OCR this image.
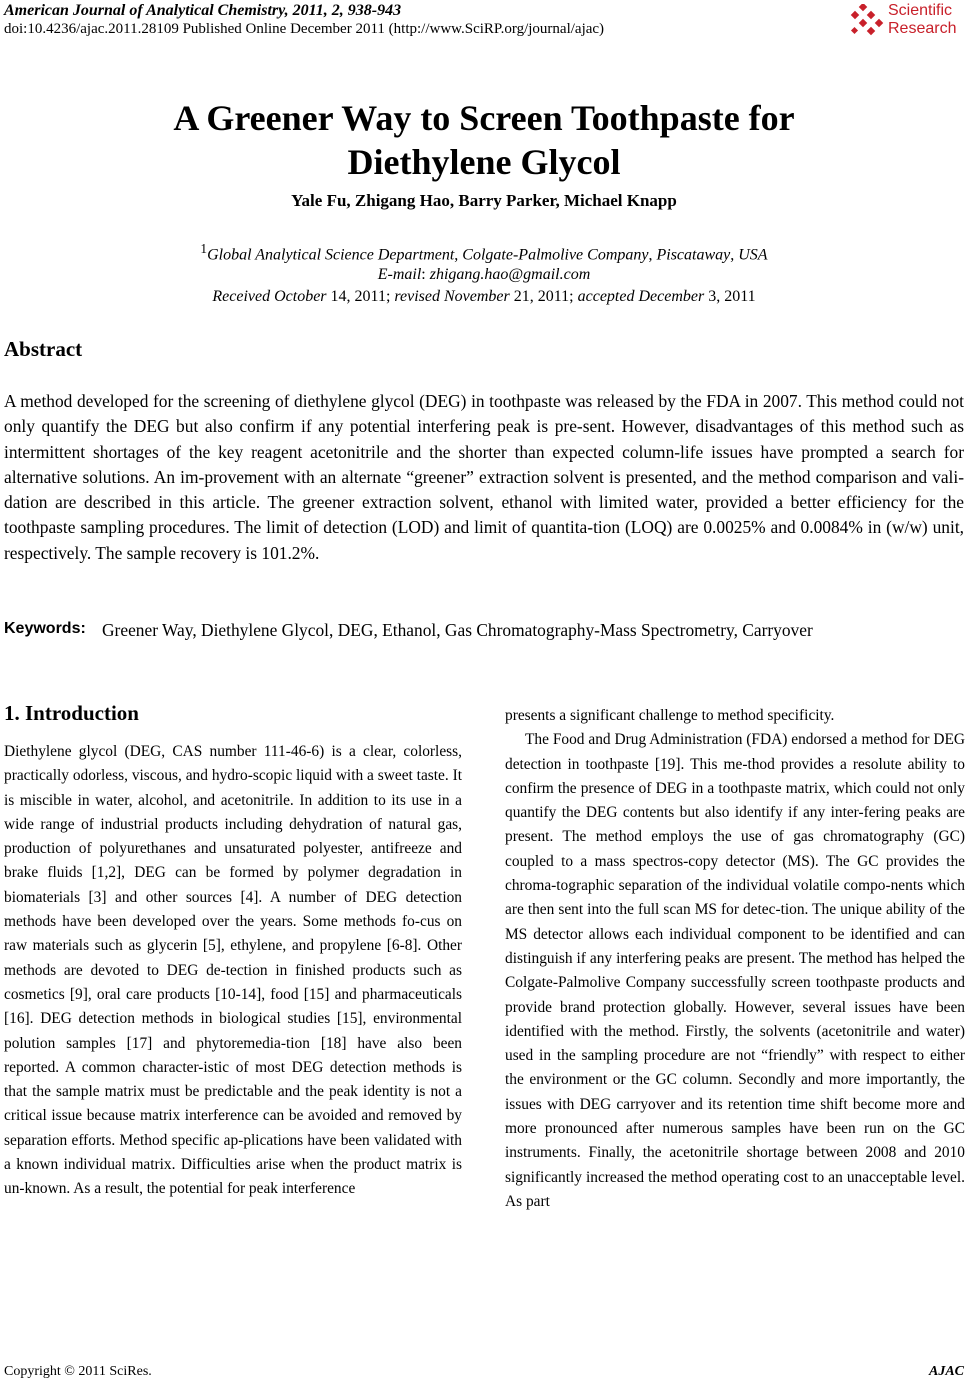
American Journal of Analytical Chemistry, 2011, 2, 938-943
doi:10.4236/ajac.2011.28109 Published Online December 2011 (http://www.SciRP.org/journal/ajac)
Scientific
Research
A Greener Way to Screen Toothpaste for
Diethylene Glycol
Yale Fu, Zhigang Hao, Barry Parker, Michael Knapp
$^1$Global Analytical Science Department, Colgate-Palmolive Company, Piscataway, USA
E-mail: zhigang.hao@gmail.com
Received October 14, 2011; revised November 21, 2011; accepted December 3, 2011
Abstract
A method developed for the screening of diethylene glycol (DEG) in toothpaste was released by the FDA in 2007. This method could not only quantify the DEG but also confirm if any potential interfering peak is pre-sent. However, disadvantages of this method such as intermittent shortages of the key reagent acetonitrile and the shorter than expected column-life issues have prompted a search for alternative solutions. An im-provement with an alternate “greener” extraction solvent is presented, and the method comparison and vali-dation are described in this article. The greener extraction solvent, ethanol with limited water, provided a better efficiency for the toothpaste sampling procedures. The limit of detection (LOD) and limit of quantita-tion (LOQ) are 0.0025% and 0.0084% in (w/w) unit, respectively. The sample recovery is 101.2%.
Keywords: Greener Way, Diethylene Glycol, DEG, Ethanol, Gas Chromatography-Mass Spectrometry, Carryover
1. Introduction

Diethylene glycol (DEG, CAS number 111-46-6) is a clear, colorless, practically odorless, viscous, and hydro-scopic liquid with a sweet taste. It is miscible in water, alcohol, and acetonitrile. In addition to its use in a wide range of industrial products including dehydration of natural gas, production of polyurethanes and unsaturated polyester, antifreeze and brake fluids [1,2], DEG can be formed by polymer degradation in biomaterials [3] and other sources [4]. A number of DEG detection methods have been developed over the years. Some methods fo-cus on raw materials such as glycerin [5], ethylene, and propylene [6-8]. Other methods are devoted to DEG de-tection in finished products such as cosmetics [9], oral care products [10-14], food [15] and pharmaceuticals [16]. DEG detection methods in biological studies [15], environmental polution samples [17] and phytoremedia-tion [18] have also been reported. A common character-istic of most DEG detection methods is that the sample matrix must be predictable and the peak identity is not a critical issue because matrix interference can be avoided and removed by separation efforts. Method specific ap-plications have been validated with a known individual matrix. Difficulties arise when the product matrix is un-known. As a result, the potential for peak interference

presents a significant challenge to method specificity.

The Food and Drug Administration (FDA) endorsed a method for DEG detection in toothpaste [19]. This me-thod provides a resolute ability to confirm the presence of DEG in a toothpaste matrix, which could not only quantify the DEG contents but also identify if any inter-fering peaks are present. The method employs the use of gas chromatography (GC) coupled to a mass spectros-copy detector (MS). The GC provides the chroma-tographic separation of the individual volatile compo-nents which are then sent into the full scan MS for detec-tion. The unique ability of the MS detector allows each individual component to be identified and can distinguish if any interfering peaks are present. The method has helped the Colgate-Palmolive Company successfully screen toothpaste products and provide brand protection globally. However, several issues have been identified with the method. Firstly, the solvents (acetonitrile and water) used in the sampling procedure are not “friendly” with respect to either the environment or the GC column. Secondly and more importantly, the issues with DEG carryover and its retention time shift become more and more pronounced after numerous samples have been run on the GC instruments. Finally, the acetonitrile shortage between 2008 and 2010 significantly increased the method operating cost to an unacceptable level. As part

Copyright © 2011 SciRes.	AJAC
